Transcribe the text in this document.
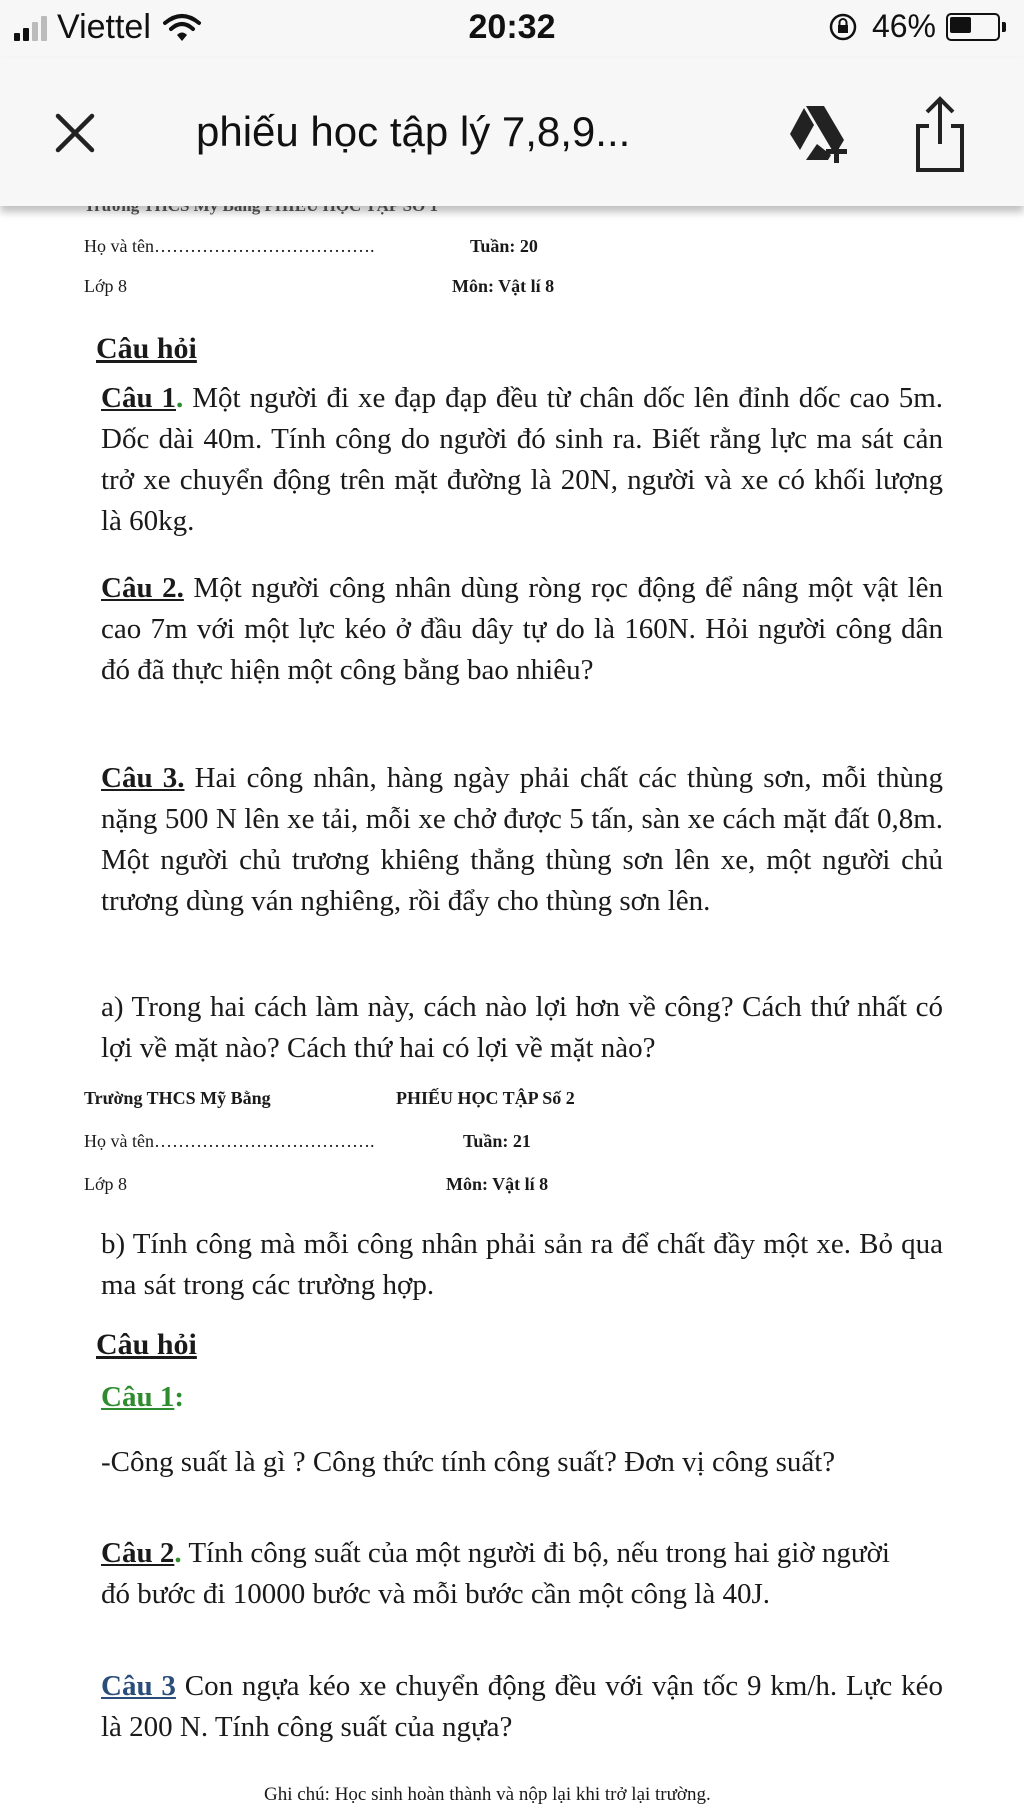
Viettel	20:32	46%
phiếu học tập lý 7,8,9...
Họ và tên……………………………….	Tuần: 20
Lớp 8	Môn: Vật lí 8
Câu hỏi
Câu 1. Một người đi xe đạp đạp đều từ chân dốc lên đỉnh dốc cao 5m. Dốc dài 40m. Tính công do người đó sinh ra. Biết rằng lực ma sát cản trở xe chuyển động trên mặt đường là 20N, người và xe có khối lượng là 60kg.
Câu 2. Một người công nhân dùng ròng rọc động để nâng một vật lên cao 7m với một lực kéo ở đầu dây tự do là 160N. Hỏi người công dân đó đã thực hiện một công bằng bao nhiêu?
Câu 3. Hai công nhân, hàng ngày phải chất các thùng sơn, mỗi thùng nặng 500 N lên xe tải, mỗi xe chở được 5 tấn, sàn xe cách mặt đất 0,8m. Một người chủ trương khiêng thẳng thùng sơn lên xe, một người chủ trương dùng ván nghiêng, rồi đẩy cho thùng sơn lên.
a) Trong hai cách làm này, cách nào lợi hơn về công? Cách thứ nhất có lợi về mặt nào? Cách thứ hai có lợi về mặt nào?
Trường THCS Mỹ Bằng	PHIẾU HỌC TẬP Số 2
Họ và tên……………………………….	Tuần: 21
Lớp 8	Môn: Vật lí 8
b) Tính công mà mỗi công nhân phải sản ra để chất đầy một xe. Bỏ qua ma sát trong các trường hợp.
Câu hỏi
Câu 1:
-Công suất là gì ? Công thức tính công suất? Đơn vị công suất?
Câu 2. Tính công suất của một người đi bộ, nếu trong hai giờ người đó bước đi 10000 bước và mỗi bước cần một công là 40J.
Câu 3 Con ngựa kéo xe chuyển động đều với vận tốc 9 km/h. Lực kéo là 200 N. Tính công suất của ngựa?
Ghi chú: Học sinh hoàn thành và nộp lại khi trở lại trường.
